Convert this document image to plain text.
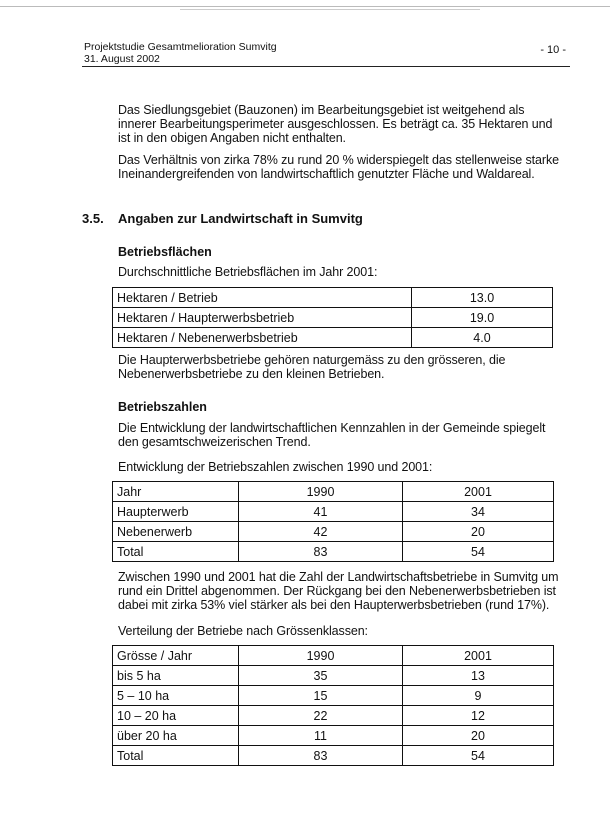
Projektstudie Gesamtmelioration Sumvitg
31. August 2002
- 10 -
Das Siedlungsgebiet (Bauzonen) im Bearbeitungsgebiet ist weitgehend als innerer Bearbeitungsperimeter ausgeschlossen. Es beträgt ca. 35 Hektaren und ist in den obigen Angaben nicht enthalten.
Das Verhältnis von zirka 78% zu rund 20 % widerspiegelt das stellenweise starke Ineinandergreifenden von landwirtschaftlich genutzter Fläche und Waldareal.
3.5. Angaben zur Landwirtschaft in Sumvitg
Betriebsflächen
Durchschnittliche Betriebsflächen im Jahr 2001:
Hektaren / Betrieb	13.0
Hektaren / Haupterwerbsbetrieb	19.0
Hektaren / Nebenerwerbsbetrieb	4.0
Die Haupterwerbsbetriebe gehören naturgemäss zu den grösseren, die Nebenerwerbsbetriebe zu den kleinen Betrieben.
Betriebszahlen
Die Entwicklung der landwirtschaftlichen Kennzahlen in der Gemeinde spiegelt den gesamtschweizerischen Trend.
Entwicklung der Betriebszahlen zwischen 1990 und 2001:
Jahr	1990	2001
Haupterwerb	41	34
Nebenerwerb	42	20
Total	83	54
Zwischen 1990 und 2001 hat die Zahl der Landwirtschaftsbetriebe in Sumvitg um rund ein Drittel abgenommen. Der Rückgang bei den Nebenerwerbsbetrieben ist dabei mit zirka 53% viel stärker als bei den Haupterwerbsbetrieben (rund 17%).
Verteilung der Betriebe nach Grössenklassen:
Grösse / Jahr	1990	2001
bis 5 ha	35	13
5 – 10 ha	15	9
10 – 20 ha	22	12
über 20 ha	11	20
Total	83	54
